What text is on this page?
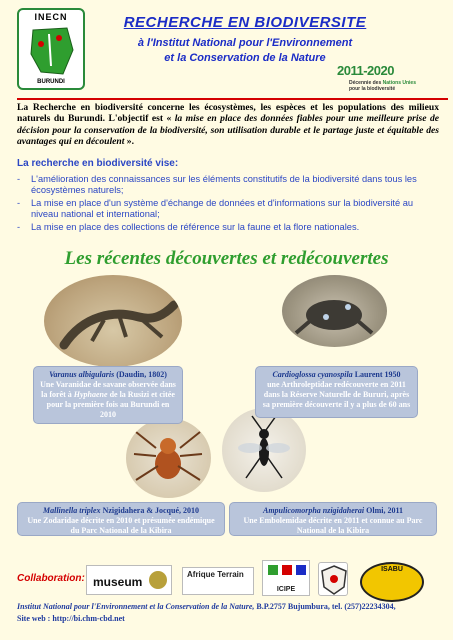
INECN
BURUNDI
RECHERCHE EN BIODIVERSITE
à l'Institut National pour l'Environnement
et la Conservation de la Nature
2011-2020
Décennie des Nations Unies
pour la biodiversité
La Recherche en biodiversité concerne les écosystèmes, les espèces et les populations des milieux naturels du Burundi. L'objectif est « la mise en place des données fiables pour une meilleure prise de décision pour la conservation de la biodiversité, son utilisation durable et le partage juste et équitable des avantages qui en découlent ».
La recherche en biodiversité vise:
- L'amélioration des connaissances sur les éléments constitutifs de la biodiversité dans tous les écosystèmes naturels;
- La mise en place d'un système d'échange de données et d'informations sur la biodiversité au niveau national et international;
- La mise en place des collections de référence sur la faune et la flore nationales.
Les récentes découvertes et redécouvertes
Varanus albigularis (Daudin, 1802)
Une Varanidae de savane observée dans la forêt à Hyphaene de la Rusizi et citée pour la première fois au Burundi en 2010
Cardioglossa cyanospila Laurent 1950
une Arthroleptidae redécouverte en 2011 dans la Réserve Naturelle de Bururi, après sa première découverte il y a plus de 60 ans
Mallinella triplex Nzigidahera & Jocqué, 2010
Une Zodaridae décrite en 2010 et présumée endémique du Parc National de la Kibira
Ampulicomorpha nzigidaherai Olmi, 2011
Une Embolemidae décrite en 2011 et connue au Parc National de la Kibira
Collaboration: museum
Afrique Terrain
ICIPE
ISABU
Institut National pour l'Environnement et la Conservation de la Nature, B.P.2757 Bujumbura, tel. (257)22234304,
Site web : http://bi.chm-cbd.net
